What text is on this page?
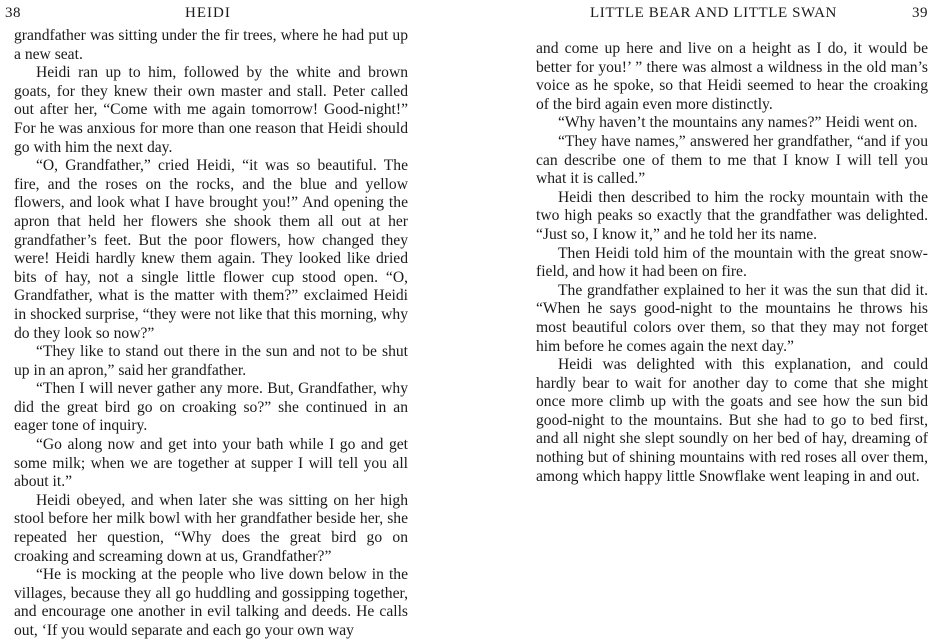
38	HEIDI

grandfather was sitting under the fir trees, where he had put up a new seat.

Heidi ran up to him, followed by the white and brown goats, for they knew their own master and stall. Peter called out after her, “Come with me again tomorrow! Good-night!” For he was anxious for more than one reason that Heidi should go with him the next day.

“O, Grandfather,” cried Heidi, “it was so beautiful. The fire, and the roses on the rocks, and the blue and yellow flowers, and look what I have brought you!” And opening the apron that held her flowers she shook them all out at her grandfather’s feet. But the poor flowers, how changed they were! Heidi hardly knew them again. They looked like dried bits of hay, not a single little flower cup stood open. “O, Grandfather, what is the matter with them?” exclaimed Heidi in shocked surprise, “they were not like that this morning, why do they look so now?”

“They like to stand out there in the sun and not to be shut up in an apron,” said her grandfather.

“Then I will never gather any more. But, Grandfather, why did the great bird go on croaking so?” she continued in an eager tone of inquiry.

“Go along now and get into your bath while I go and get some milk; when we are together at supper I will tell you all about it.”

Heidi obeyed, and when later she was sitting on her high stool before her milk bowl with her grandfather beside her, she repeated her question, “Why does the great bird go on croaking and screaming down at us, Grandfather?”

“He is mocking at the people who live down below in the villages, because they all go huddling and gossipping together, and encourage one another in evil talking and deeds. He calls out, ‘If you would separate and each go your own way

LITTLE BEAR AND LITTLE SWAN	39

and come up here and live on a height as I do, it would be better for you!’ ” there was almost a wildness in the old man’s voice as he spoke, so that Heidi seemed to hear the croaking of the bird again even more distinctly.

“Why haven’t the mountains any names?” Heidi went on.

“They have names,” answered her grandfather, “and if you can describe one of them to me that I know I will tell you what it is called.”

Heidi then described to him the rocky mountain with the two high peaks so exactly that the grandfather was delighted. “Just so, I know it,” and he told her its name.

Then Heidi told him of the mountain with the great snow-field, and how it had been on fire.

The grandfather explained to her it was the sun that did it. “When he says good-night to the mountains he throws his most beautiful colors over them, so that they may not forget him before he comes again the next day.”

Heidi was delighted with this explanation, and could hardly bear to wait for another day to come that she might once more climb up with the goats and see how the sun bid good-night to the mountains. But she had to go to bed first, and all night she slept soundly on her bed of hay, dreaming of nothing but of shining mountains with red roses all over them, among which happy little Snowflake went leaping in and out.
